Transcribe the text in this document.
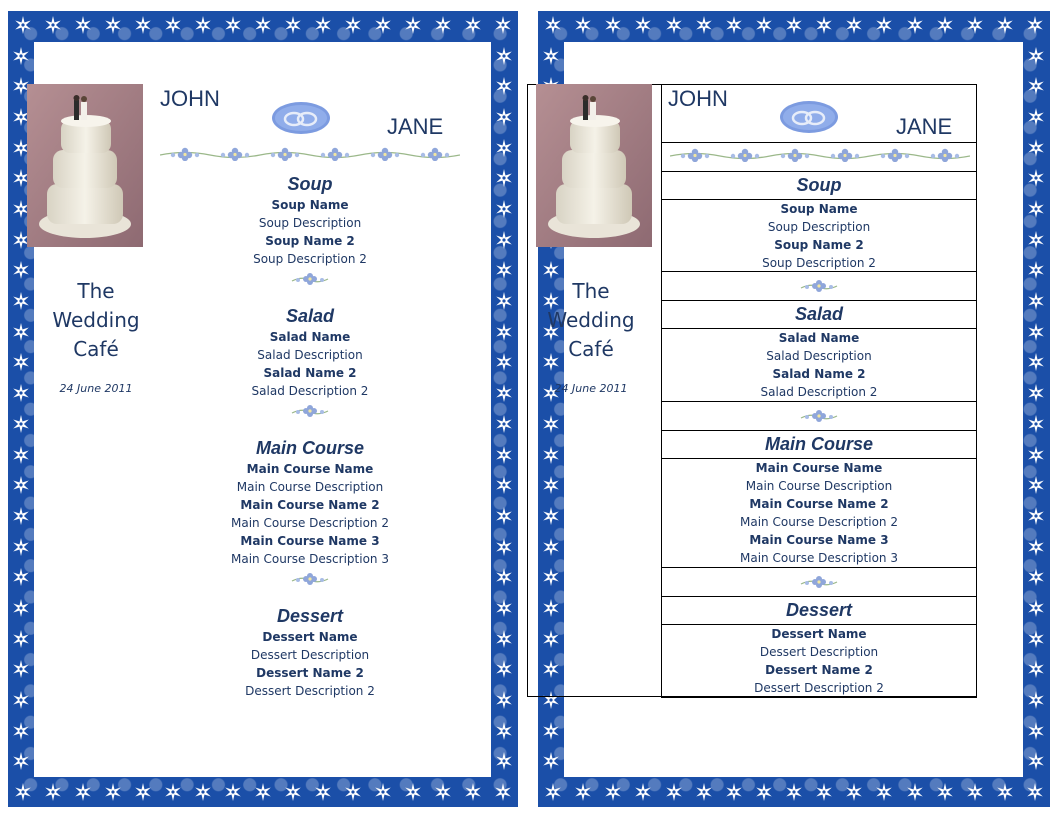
JOHN
JANE
The
Wedding
Café
24 June 2011
Soup
Soup Name
Soup Description
Soup Name 2
Soup Description 2
Salad
Salad Name
Salad Description
Salad Name 2
Salad Description 2
Main Course
Main Course Name
Main Course Description
Main Course Name 2
Main Course Description 2
Main Course Name 3
Main Course Description 3
Dessert
Dessert Name
Dessert Description
Dessert Name 2
Dessert Description 2
JOHN
JANE
The
Wedding
Café
24 June 2011
Soup
Soup Name
Soup Description
Soup Name 2
Soup Description 2
Salad
Salad Name
Salad Description
Salad Name 2
Salad Description 2
Main Course
Main Course Name
Main Course Description
Main Course Name 2
Main Course Description 2
Main Course Name 3
Main Course Description 3
Dessert
Dessert Name
Dessert Description
Dessert Name 2
Dessert Description 2
